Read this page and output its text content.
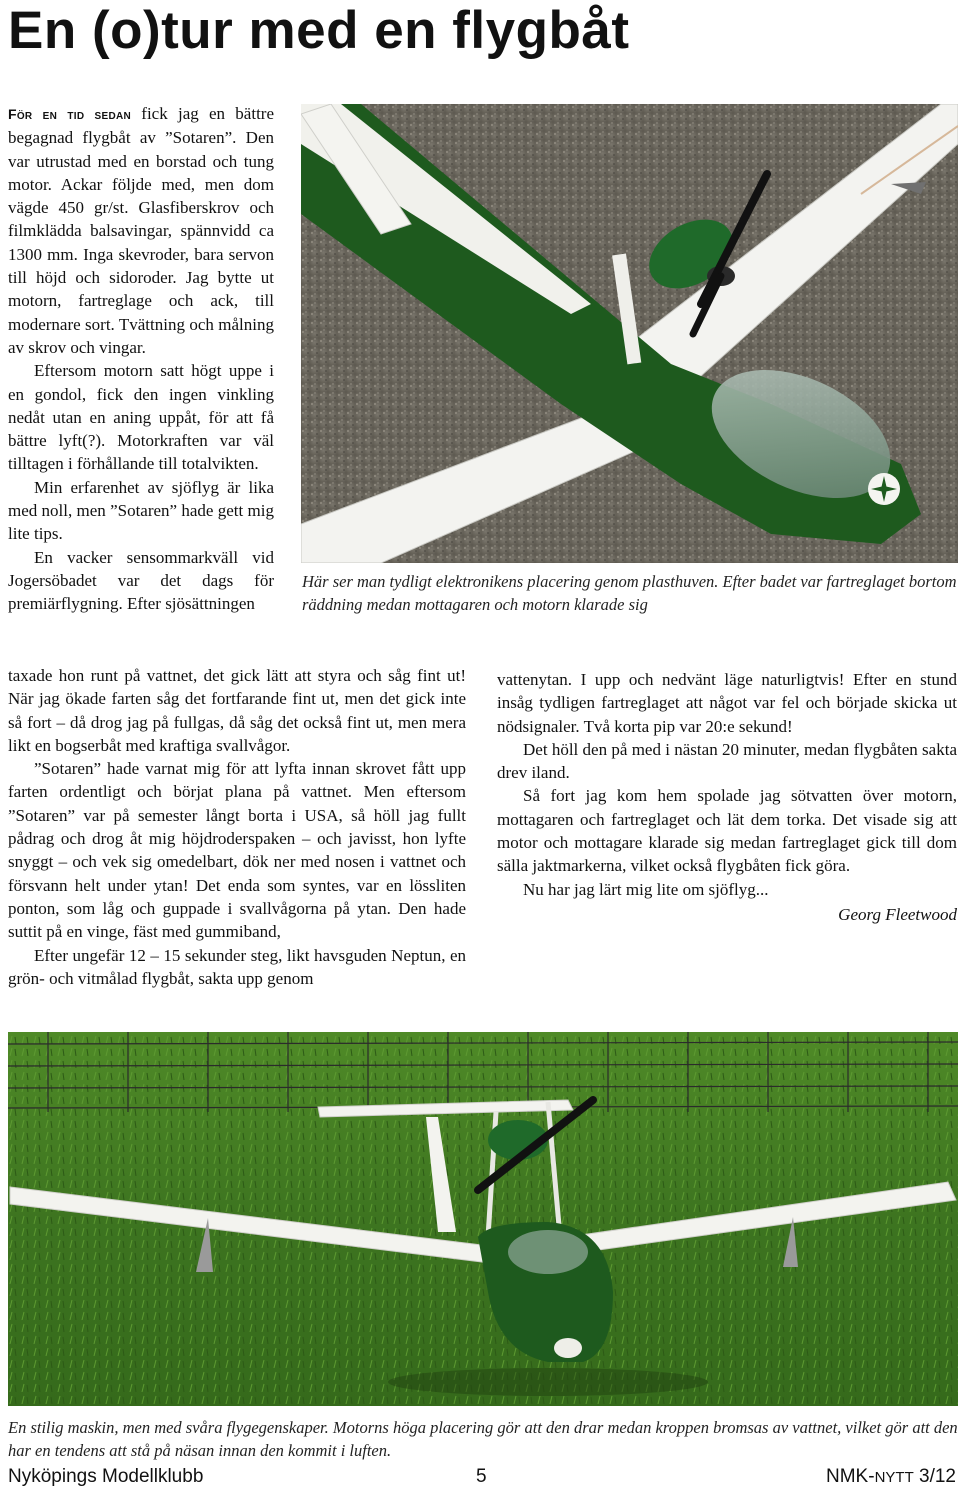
En (o)tur med en flygbåt

För en tid sedan fick jag en bättre begagnad flygbåt av ”Sotaren”. Den var utrustad med en borstad och tung motor. Ackar följde med, men dom vägde 450 gr/st. Glasfiberskrov och filmklädda balsavingar, spännvidd ca 1300 mm. Inga skevroder, bara servon till höjd och sidoroder. Jag bytte ut motorn, fartreglage och ack, till modernare sort. Tvättning och målning av skrov och vingar.

Eftersom motorn satt högt uppe i en gondol, fick den ingen vinkling nedåt utan en aning uppåt, för att få bättre lyft(?). Motorkraften var väl tilltagen i förhållande till totalvikten.

Min erfarenhet av sjöflyg är lika med noll, men ”Sotaren” hade gett mig lite tips.

En vacker sensommarkväll vid Jogersöbadet var det dags för premiärflygning. Efter sjösättningen

Här ser man tydligt elektronikens placering genom plasthuven. Efter badet var fartreglaget bortom räddning medan mottagaren och motorn klarade sig

taxade hon runt på vattnet, det gick lätt att styra och såg fint ut! När jag ökade farten såg det fortfarande fint ut, men det gick inte så fort – då drog jag på fullgas, då såg det också fint ut, men mera likt en bogserbåt med kraftiga svallvågor.

”Sotaren” hade varnat mig för att lyfta innan skrovet fått upp farten ordentligt och börjat plana på vattnet. Men eftersom ”Sotaren” var på semester långt borta i USA, så höll jag fullt pådrag och drog åt mig höjdroderspaken – och javisst, hon lyfte snyggt – och vek sig omedelbart, dök ner med nosen i vattnet och försvann helt under ytan! Det enda som syntes, var en lössliten ponton, som låg och guppade i svallvågorna på ytan. Den hade suttit på en vinge, fäst med gummiband,

Efter ungefär 12 – 15 sekunder steg, likt havsguden Neptun, en grön- och vitmålad flygbåt, sakta upp genom

vattenytan. I upp och nedvänt läge naturligtvis! Efter en stund insåg tydligen fartreglaget att något var fel och började skicka ut nödsignaler. Två korta pip var 20:e sekund!

Det höll den på med i nästan 20 minuter, medan flygbåten sakta drev iland.

Så fort jag kom hem spolade jag sötvatten över motorn, mottagaren och fartreglaget och lät dem torka. Det visade sig att motor och mottagare klarade sig medan fartreglaget gick till dom sälla jaktmarkerna, vilket också flygbåten fick göra.

Nu har jag lärt mig lite om sjöflyg...

Georg Fleetwood

En stilig maskin, men med svåra flygegenskaper. Motorns höga placering gör att den drar medan kroppen bromsas av vattnet, vilket gör att den har en tendens att stå på näsan innan den kommit i luften.
Nyköpings Modellklubb	5	NMK-NYTT 3/12
